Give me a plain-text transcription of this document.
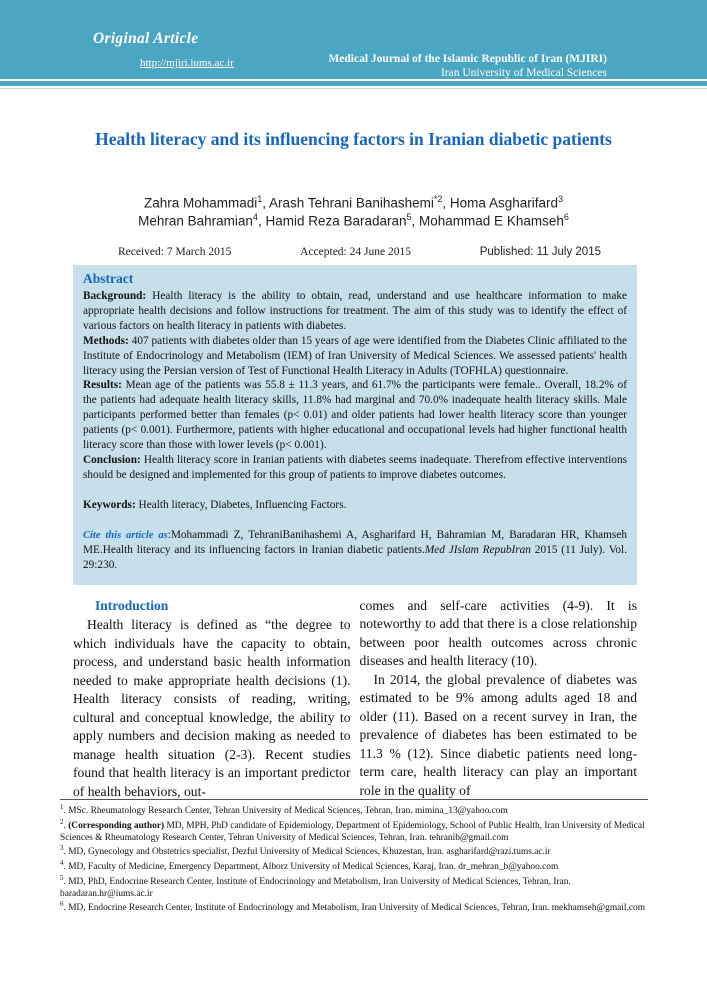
Original Article
http://mjiri.iums.ac.ir	Medical Journal of the Islamic Republic of Iran (MJIRI)
Iran University of Medical Sciences
Health literacy and its influencing factors in Iranian diabetic patients
Zahra Mohammadi$^1$, Arash Tehrani Banihashemi$^{*2}$, Homa Asgharifard$^3$
Mehran Bahramian$^4$, Hamid Reza Baradaran$^5$, Mohammad E Khamseh$^6$
Received: 7 March 2015	Accepted: 24 June 2015	Published: 11 July 2015
Abstract

Background: Health literacy is the ability to obtain, read, understand and use healthcare information to make appropriate health decisions and follow instructions for treatment. The aim of this study was to identify the effect of various factors on health literacy in patients with diabetes.

Methods: 407 patients with diabetes older than 15 years of age were identified from the Diabetes Clinic affiliated to the Institute of Endocrinology and Metabolism (IEM) of Iran University of Medical Sciences. We assessed patients' health literacy using the Persian version of Test of Functional Health Literacy in Adults (TOFHLA) questionnaire.

Results: Mean age of the patients was 55.8 ± 11.3 years, and 61.7% the participants were female.. Overall, 18.2% of the patients had adequate health literacy skills, 11.8% had marginal and 70.0% inadequate health literacy skills. Male participants performed better than females (p< 0.01) and older patients had lower health literacy score than younger patients (p< 0.001). Furthermore, patients with higher educational and occupational levels had higher functional health literacy score than those with lower levels (p< 0.001).

Conclusion: Health literacy score in Iranian patients with diabetes seems inadequate. Therefrom effective interventions should be designed and implemented for this group of patients to improve diabetes outcomes.

Keywords: Health literacy, Diabetes, Influencing Factors.

Cite this article as:Mohammadi Z, TehraniBanihashemi A, Asgharifard H, Bahramian M, Baradaran HR, Khamseh ME.Health literacy and its influencing factors in Iranian diabetic patients.Med JIslam RepubIran 2015 (11 July). Vol. 29:230.

Introduction
Health literacy is defined as “the degree to which individuals have the capacity to obtain, process, and understand basic health information needed to make appropriate health decisions (1). Health literacy consists of reading, writing, cultural and conceptual knowledge, the ability to apply numbers and decision making as needed to manage health situation (2-3). Recent studies found that health literacy is an important predictor of health behaviors, out-
comes and self-care activities (4-9). It is noteworthy to add that there is a close relationship between poor health outcomes across chronic diseases and health literacy (10).
In 2014, the global prevalence of diabetes was estimated to be 9% among adults aged 18 and older (11). Based on a recent survey in Iran, the prevalence of diabetes has been estimated to be 11.3 % (12). Since diabetic patients need long-term care, health literacy can play an important role in the quality of
$^1$. MSc. Rheumatology Research Center, Tehran University of Medical Sciences, Tehran, Iran. mimina_13@yahoo.com
$^2$. (Corresponding author) MD, MPH, PhD candidate of Epidemiology, Department of Epidemiology, School of Public Health, Iran University of Medical Sciences & Rheumatology Research Center, Tehran University of Medical Sciences, Tehran, Iran. tehranib@gmail.com
$^3$. MD, Gynecology and Obstetrics specialist, Dezful University of Medical Sciences, Khuzestan, Iran. asgharifard@razi.tums.ac.ir
$^4$. MD, Faculty of Medicine, Emergency Department, Alborz University of Medical Sciences, Karaj, Iran. dr_mehran_b@yahoo.com
$^5$. MD, PhD, Endocrine Research Center, Institute of Endocrinology and Metabolism, Iran University of Medical Sciences, Tehran, Iran. baradaran.hr@iums.ac.ir
$^6$. MD, Endocrine Research Center, Institute of Endocrinology and Metabolism, Iran University of Medical Sciences, Tehran, Iran. mekhamseh@gmail.com
